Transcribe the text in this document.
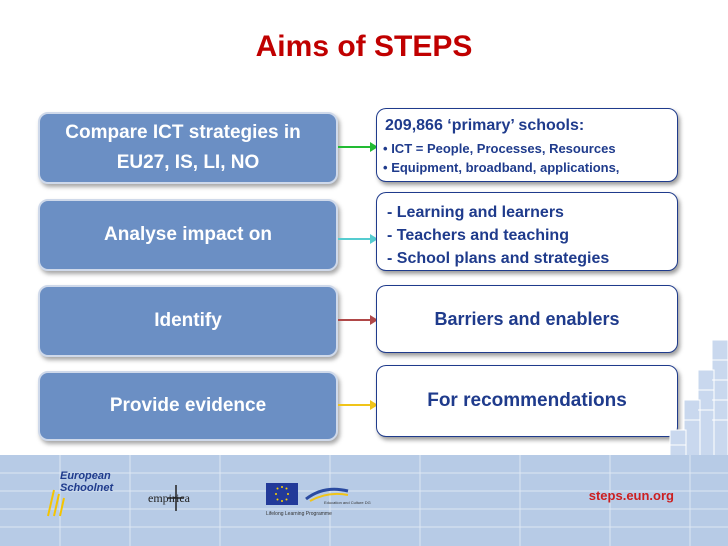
Aims of STEPS
Compare ICT strategies in
EU27, IS, LI, NO
209,866 ‘primary’ schools:
• ICT = People, Processes, Resources
• Equipment, broadband, applications,
Analyse impact on
- Learning and learners
- Teachers and teaching
- School plans and strategies
Identify	Barriers and enablers
Provide evidence	For recommendations
European
Schoolnet
empirica	Education and Culture DG
Lifelong Learning Programme
steps.eun.org
